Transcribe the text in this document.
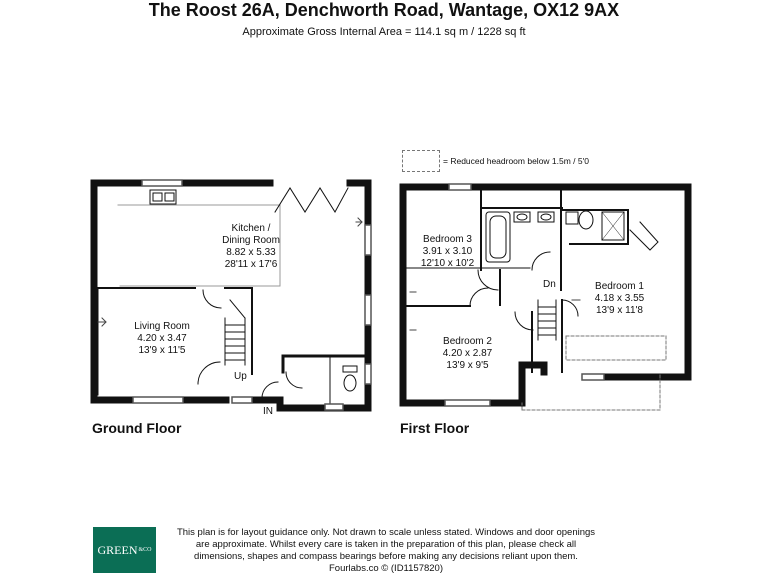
The Roost 26A, Denchworth Road, Wantage, OX12 9AX
Approximate Gross Internal Area = 114.1 sq m / 1228 sq ft
= Reduced headroom below 1.5m / 5'0
Kitchen /
Dining Room
8.82 x 5.33
28'11 x 17'6
Living Room
4.20 x 3.47
13'9 x 11'5
Up
IN
Bedroom 3
3.91 x 3.10
12'10 x 10'2
Bedroom 1
4.18 x 3.55
13'9 x 11'8
Bedroom 2
4.20 x 2.87
13'9 x 9'5
Dn
Ground Floor	First Floor
GREEN &CO
This plan is for layout guidance only. Not drawn to scale unless stated. Windows and door openings
are approximate. Whilst every care is taken in the preparation of this plan, please check all
dimensions, shapes and compass bearings before making any decisions reliant upon them.
Fourlabs.co © (ID1157820)
